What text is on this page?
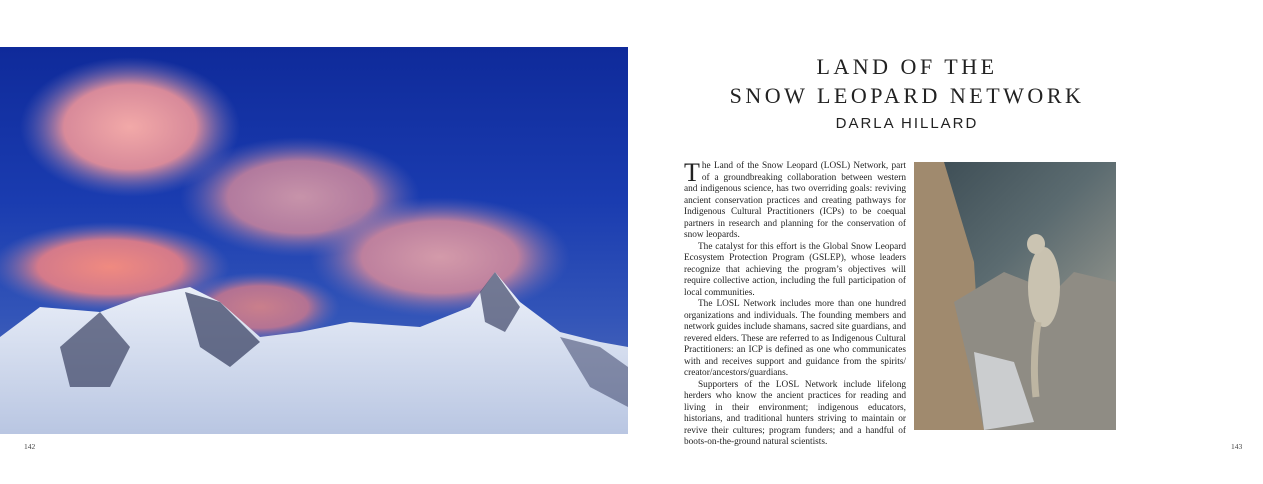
142
LAND OF THE
SNOW LEOPARD NETWORK
DARLA HILLARD

The Land of the Snow Leopard (LOSL) Network, part of a groundbreaking collaboration between western and indigenous science, has two overriding goals: reviving ancient conservation practices and creating pathways for Indigenous Cultural Practitioners (ICPs) to be coequal partners in research and planning for the conservation of snow leopards.

The catalyst for this effort is the Global Snow Leopard Ecosystem Protection Program (GSLEP), whose leaders recognize that achieving the program’s objectives will require collective action, including the full participation of local communities.

The LOSL Network includes more than one hundred organizations and individuals. The founding members and network guides include shamans, sacred site guardians, and revered elders. These are referred to as Indigenous Cultural Practitioners: an ICP is defined as one who communicates with and receives support and guidance from the spirits/ creator/ancestors/guardians.

Supporters of the LOSL Network include lifelong herders who know the ancient practices for reading and living in their environment; indigenous educators, historians, and traditional hunters striving to maintain or revive their cultures; program funders; and a handful of boots-on-the-ground natural scientists.	143
